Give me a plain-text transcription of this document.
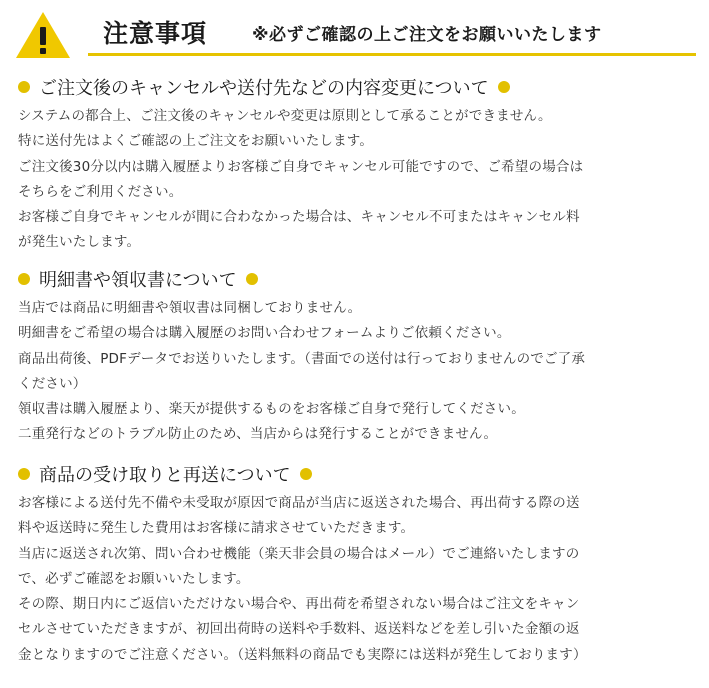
注意事項	※必ずご確認の上ご注文をお願いいたします
ご注文後のキャンセルや送付先などの内容変更について
システムの都合上、ご注文後のキャンセルや変更は原則として承ることができません。
特に送付先はよくご確認の上ご注文をお願いいたします。
ご注文後30分以内は購入履歴よりお客様ご自身でキャンセル可能ですので、ご希望の場合は
そちらをご利用ください。
お客様ご自身でキャンセルが間に合わなかった場合は、キャンセル不可またはキャンセル料
が発生いたします。
明細書や領収書について
当店では商品に明細書や領収書は同梱しておりません。
明細書をご希望の場合は購入履歴のお問い合わせフォームよりご依頼ください。
商品出荷後、PDFデータでお送りいたします。（書面での送付は行っておりませんのでご了承
ください）
領収書は購入履歴より、楽天が提供するものをお客様ご自身で発行してください。
二重発行などのトラブル防止のため、当店からは発行することができません。
商品の受け取りと再送について
お客様による送付先不備や未受取が原因で商品が当店に返送された場合、再出荷する際の送
料や返送時に発生した費用はお客様に請求させていただきます。
当店に返送され次第、問い合わせ機能（楽天非会員の場合はメール）でご連絡いたしますの
で、必ずご確認をお願いいたします。
その際、期日内にご返信いただけない場合や、再出荷を希望されない場合はご注文をキャン
セルさせていただきますが、初回出荷時の送料や手数料、返送料などを差し引いた金額の返
金となりますのでご注意ください。（送料無料の商品でも実際には送料が発生しております）
